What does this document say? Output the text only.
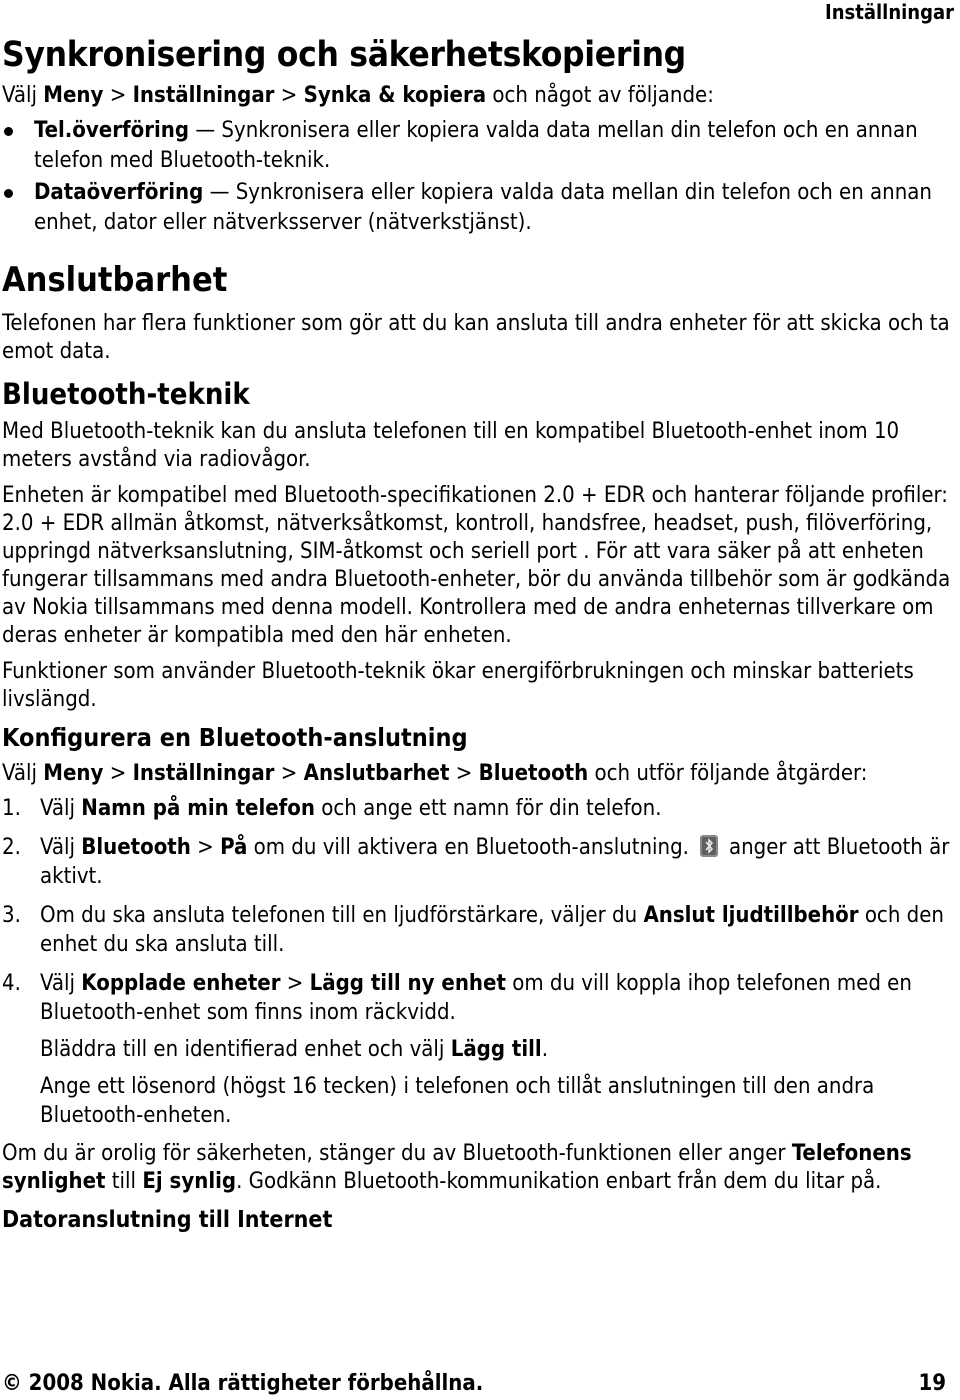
Inställningar
Synkronisering och säkerhetskopiering

Välj Meny > Inställningar > Synka & kopiera och något av följande:

Tel.överföring — Synkronisera eller kopiera valda data mellan din telefon och en annan telefon med Bluetooth-teknik.
Dataöverföring — Synkronisera eller kopiera valda data mellan din telefon och en annan enhet, dator eller nätverksserver (nätverkstjänst).
Anslutbarhet

Telefonen har flera funktioner som gör att du kan ansluta till andra enheter för att skicka och ta emot data.

Bluetooth-teknik

Med Bluetooth-teknik kan du ansluta telefonen till en kompatibel Bluetooth-enhet inom 10 meters avstånd via radiovågor.

Enheten är kompatibel med Bluetooth-specifikationen 2.0 + EDR och hanterar följande profiler: 2.0 + EDR allmän åtkomst, nätverksåtkomst, kontroll, handsfree, headset, push, filöverföring, uppringd nätverksanslutning, SIM-åtkomst och seriell port . För att vara säker på att enheten fungerar tillsammans med andra Bluetooth-enheter, bör du använda tillbehör som är godkända av Nokia tillsammans med denna modell. Kontrollera med de andra enheternas tillverkare om deras enheter är kompatibla med den här enheten.

Funktioner som använder Bluetooth-teknik ökar energiförbrukningen och minskar batteriets livslängd.

Konfigurera en Bluetooth-anslutning

Välj Meny > Inställningar > Anslutbarhet > Bluetooth och utför följande åtgärder:

1. Välj Namn på min telefon och ange ett namn för din telefon.
2. Välj Bluetooth > På om du vill aktivera en Bluetooth-anslutning. anger att Bluetooth är aktivt.
3. Om du ska ansluta telefonen till en ljudförstärkare, väljer du Anslut ljudtillbehör och den enhet du ska ansluta till.
4. Välj Kopplade enheter > Lägg till ny enhet om du vill koppla ihop telefonen med en Bluetooth-enhet som finns inom räckvidd.
Bläddra till en identifierad enhet och välj Lägg till.
Ange ett lösenord (högst 16 tecken) i telefonen och tillåt anslutningen till den andra Bluetooth-enheten.

Om du är orolig för säkerheten, stänger du av Bluetooth-funktionen eller anger Telefonens synlighet till Ej synlig. Godkänn Bluetooth-kommunikation enbart från dem du litar på.

Datoranslutning till Internet
© 2008 Nokia. Alla rättigheter förbehållna.	19
